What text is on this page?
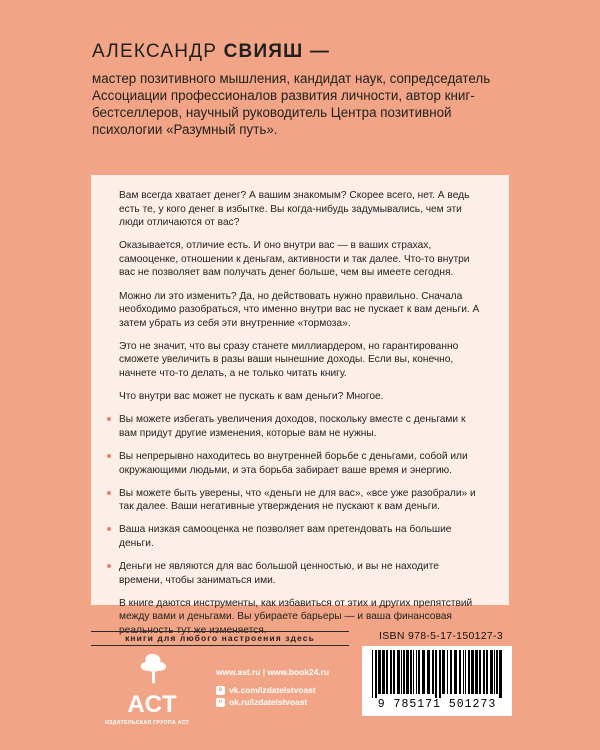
АЛЕКСАНДР СВИЯШ —

мастер позитивного мышления, кандидат наук, сопредседатель Ассоциации профессионалов развития личности, автор книг-бестселлеров, научный руководитель Центра позитивной психологии «Разумный путь».

Вам всегда хватает денег? А вашим знакомым? Скорее всего, нет. А ведь есть те, у кого денег в избытке. Вы когда-нибудь задумывались, чем эти люди отличаются от вас?

Оказывается, отличие есть. И оно внутри вас — в ваших страхах, самооценке, отношении к деньгам, активности и так далее. Что-то внутри вас не позволяет вам получать денег больше, чем вы имеете сегодня.

Можно ли это изменить? Да, но действовать нужно правильно. Сначала необходимо разобраться, что именно внутри вас не пускает к вам деньги. А затем убрать из себя эти внутренние «тормоза».

Это не значит, что вы сразу станете миллиардером, но гарантированно сможете увеличить в разы ваши нынешние доходы. Если вы, конечно, начнете что-то делать, а не только читать книгу.

Что внутри вас может не пускать к вам деньги? Многое.

Вы можете избегать увеличения доходов, поскольку вместе с деньгами к вам придут другие изменения, которые вам не нужны.
Вы непрерывно находитесь во внутренней борьбе с деньгами, собой или окружающими людьми, и эта борьба забирает ваше время и энергию.
Вы можете быть уверены, что «деньги не для вас», «все уже разобрали» и так далее. Ваши негативные утверждения не пускают к вам деньги.
Ваша низкая самооценка не позволяет вам претендовать на большие деньги.
Деньги не являются для вас большой ценностью, и вы не находите времени, чтобы заниматься ими.

В книге даются инструменты, как избавиться от этих и других препятствий между вами и деньгами. Вы убираете барьеры — и ваша финансовая реальность тут же изменяется.

книги для любого настроения здесь	ISBN 978-5-17-150127-3
9 785171 501273
ACT
ИЗДАТЕЛЬСКАЯ ГРУППА АСТ
www.ast.ru | www.book24.ru
в vk.com/izdatelstvoast
о ok.ru/izdatelstvoast
